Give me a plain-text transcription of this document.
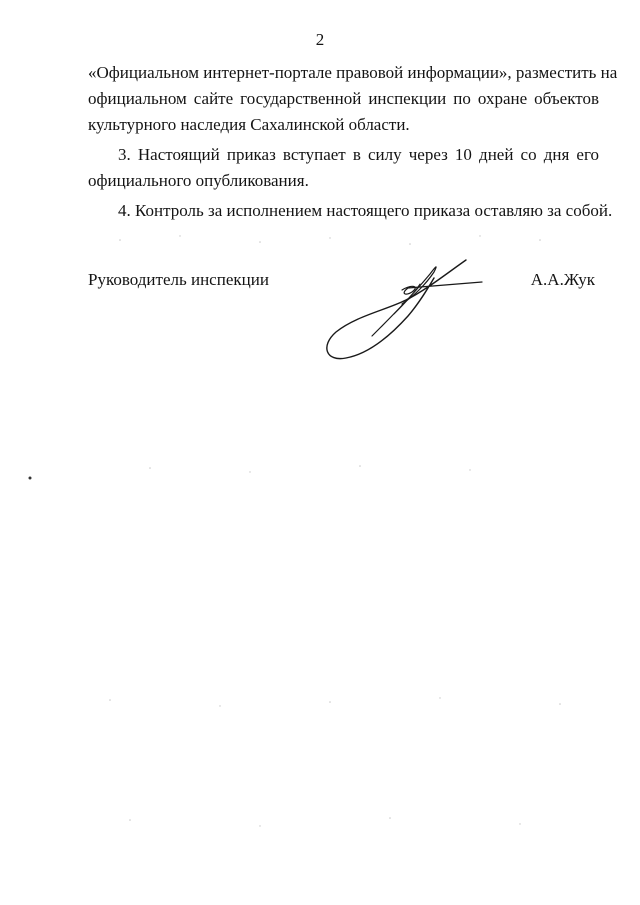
2
«Официальном интернет-портале правовой информации», разместить на
официальном сайте государственной инспекции по охране объектов
культурного наследия Сахалинской области.
3. Настоящий приказ вступает в силу через 10 дней со дня его
официального опубликования.
4. Контроль за исполнением настоящего приказа оставляю за собой.
Руководитель инспекции	А.А.Жук
